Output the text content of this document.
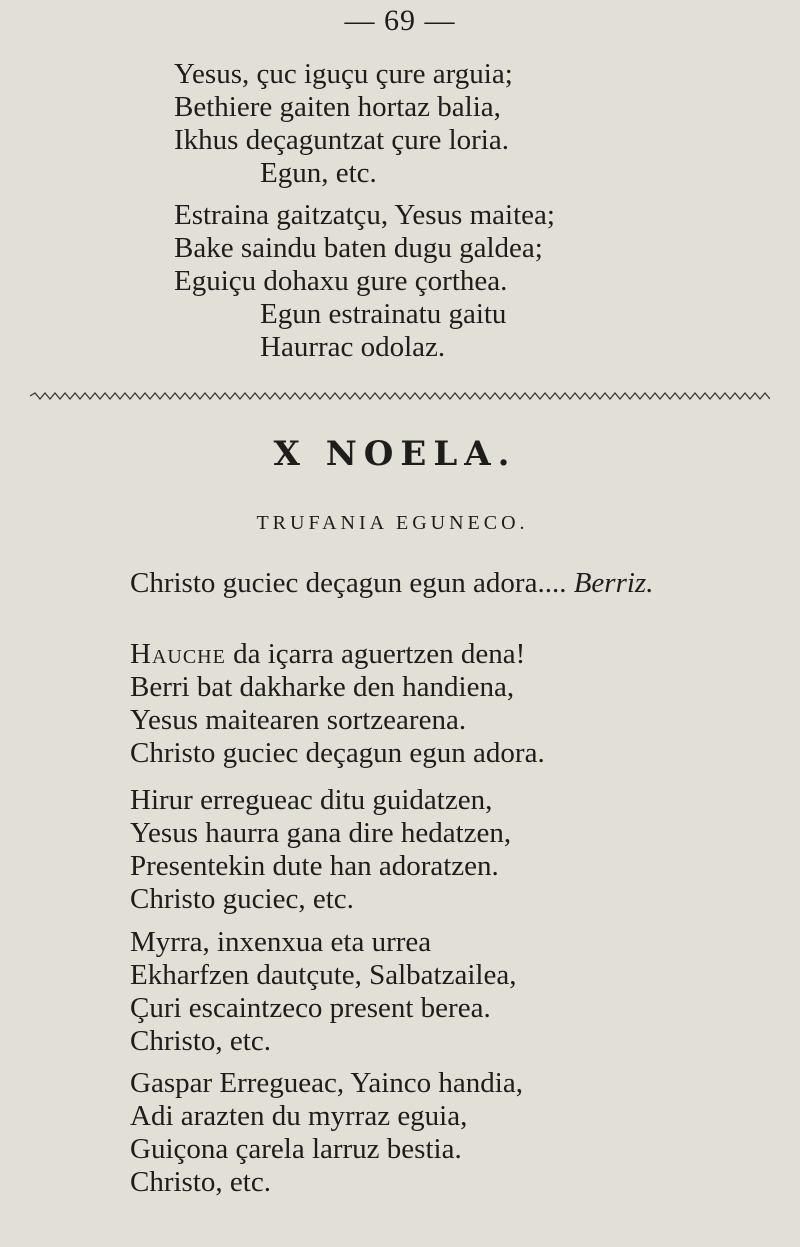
— 69 —
Yesus, çuc iguçu çure arguia;
Bethiere gaiten hortaz balia,
Ikhus deçaguntzat çure loria.
Egun, etc.
Estraina gaitzatçu, Yesus maitea;
Bake saindu baten dugu galdea;
Eguiçu dohaxu gure çorthea.
Egun estrainatu gaitu
Haurrac odolaz.
X NOELA.
TRUFANIA EGUNECO.
Christo guciec deçagun egun adora.... Berriz.
Hauche da içarra aguertzen dena!
Berri bat dakharke den handiena,
Yesus maitearen sortzearena.
Christo guciec deçagun egun adora.
Hirur erregueac ditu guidatzen,
Yesus haurra gana dire hedatzen,
Presentekin dute han adoratzen.
Christo guciec, etc.
Myrra, inxenxua eta urrea
Ekharfzen dautçute, Salbatzailea,
Çuri escaintzeco present berea.
Christo, etc.
Gaspar Erregueac, Yainco handia,
Adi arazten du myrraz eguia,
Guiçona çarela larruz bestia.
Christo, etc.
